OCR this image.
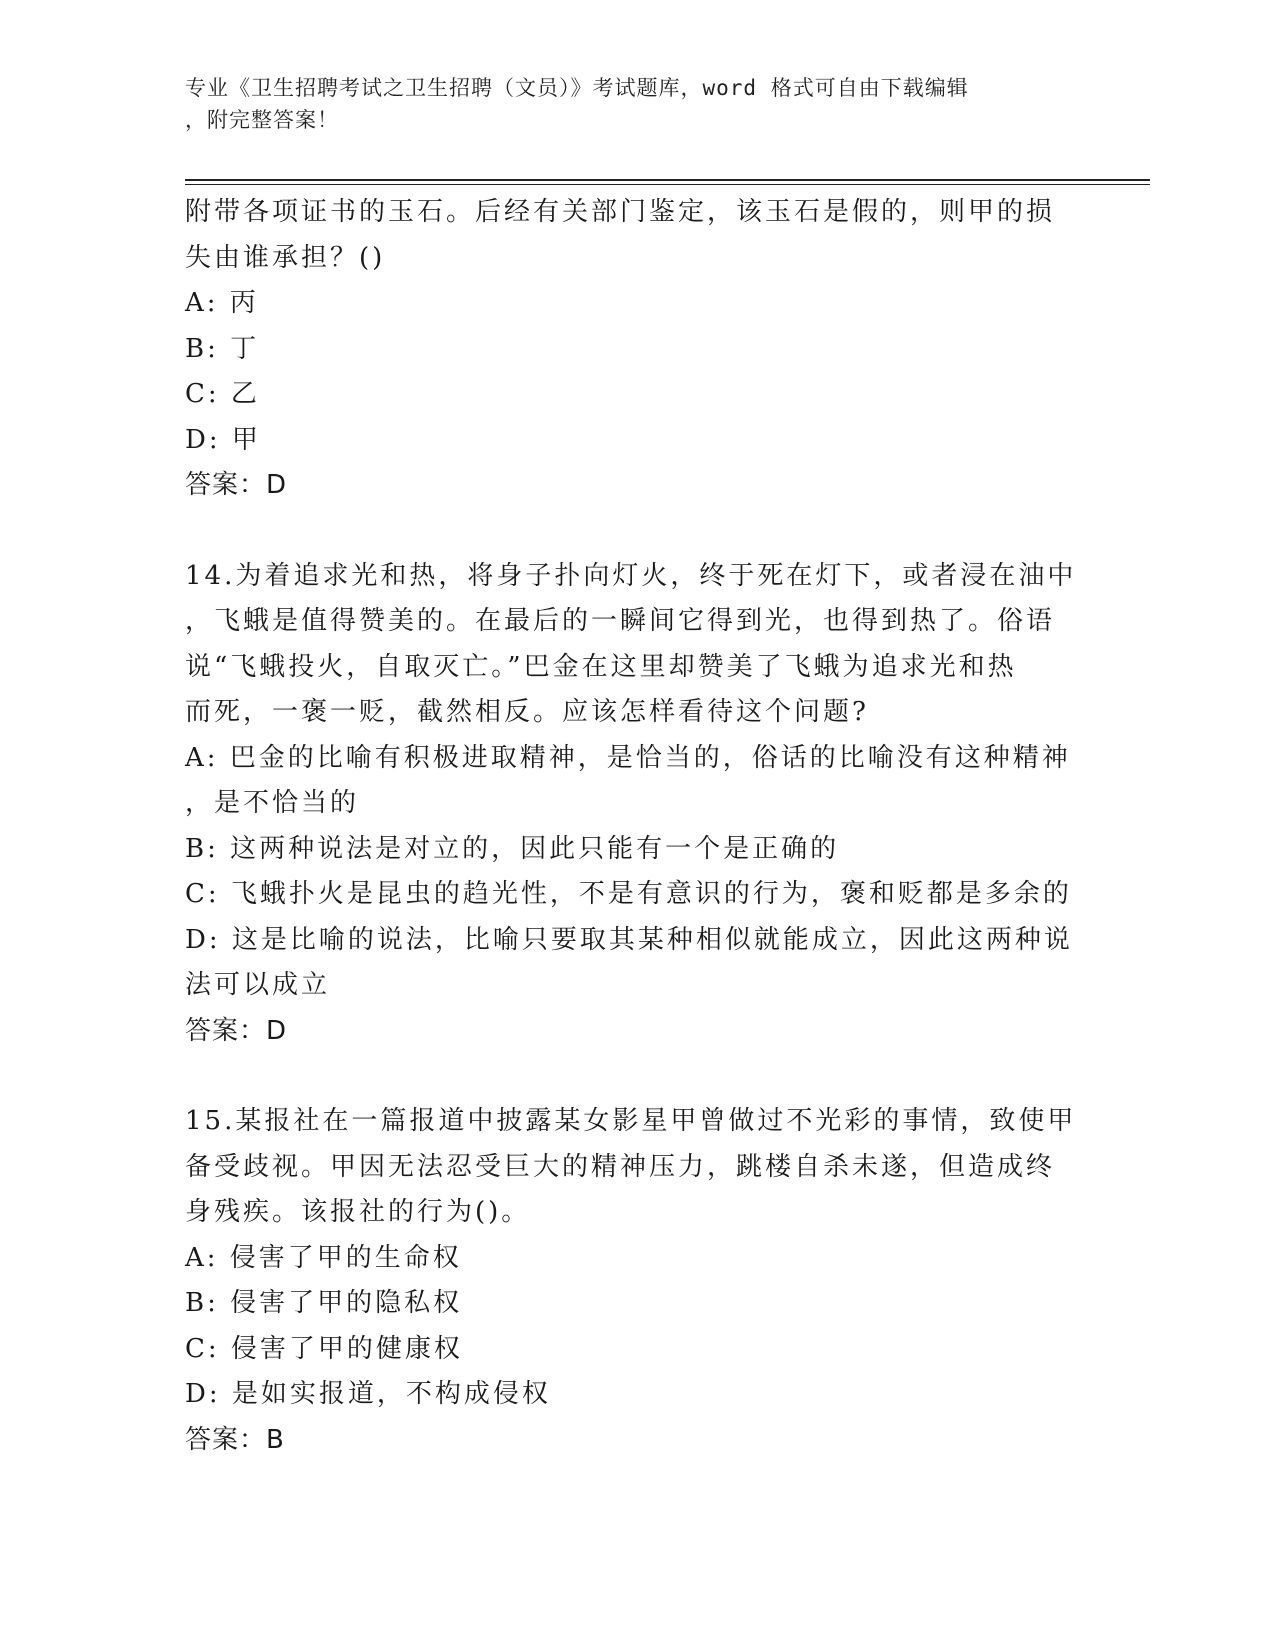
专业《卫生招聘考试之卫生招聘（文员）》考试题库，word 格式可自由下载编辑
，附完整答案！
附带各项证书的玉石。后经有关部门鉴定，该玉石是假的，则甲的损
失由谁承担？()
A: 丙
B: 丁
C: 乙
D: 甲
答案：D
14.为着追求光和热，将身子扑向灯火，终于死在灯下，或者浸在油中
，飞蛾是值得赞美的。在最后的一瞬间它得到光，也得到热了。俗语
说“飞蛾投火，自取灭亡。”巴金在这里却赞美了飞蛾为追求光和热
而死，一褒一贬，截然相反。应该怎样看待这个问题?
A: 巴金的比喻有积极进取精神，是恰当的，俗话的比喻没有这种精神
，是不恰当的
B: 这两种说法是对立的，因此只能有一个是正确的
C: 飞蛾扑火是昆虫的趋光性，不是有意识的行为，褒和贬都是多余的
D: 这是比喻的说法，比喻只要取其某种相似就能成立，因此这两种说
法可以成立
答案：D
15.某报社在一篇报道中披露某女影星甲曾做过不光彩的事情，致使甲
备受歧视。甲因无法忍受巨大的精神压力，跳楼自杀未遂，但造成终
身残疾。该报社的行为()。
A: 侵害了甲的生命权
B: 侵害了甲的隐私权
C: 侵害了甲的健康权
D: 是如实报道，不构成侵权
答案：B
